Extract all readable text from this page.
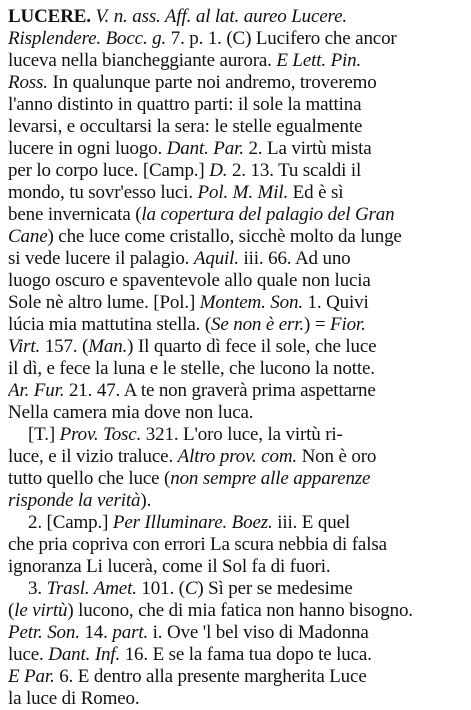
LUCERE. V. n. ass. Aff. al lat. aureo Lucere.
Risplendere. Bocc. g. 7. p. 1. (C) Lucifero che ancor
luceva nella biancheggiante aurora. E Lett. Pin.
Ross. In qualunque parte noi andremo, troveremo
l'anno distinto in quattro parti: il sole la mattina
levarsi, e occultarsi la sera: le stelle egualmente
lucere in ogni luogo. Dant. Par. 2. La virtù mista
per lo corpo luce. [Camp.] D. 2. 13. Tu scaldi il
mondo, tu sovr'esso luci. Pol. M. Mil. Ed è sì
bene invernicata (la copertura del palagio del Gran
Cane) che luce come cristallo, sicchè molto da lunge
si vede lucere il palagio. Aquil. iii. 66. Ad uno
luogo oscuro e spaventevole allo quale non lucia
Sole nè altro lume. [Pol.] Montem. Son. 1. Quivi
lúcia mia mattutina stella. (Se non è err.) = Fior.
Virt. 157. (Man.) Il quarto dì fece il sole, che luce
il dì, e fece la luna e le stelle, che lucono la notte.
Ar. Fur. 21. 47. A te non graverà prima aspettarne
Nella camera mia dove non luca.
[T.] Prov. Tosc. 321. L'oro luce, la virtù ri-
luce, e il vizio traluce. Altro prov. com. Non è oro
tutto quello che luce (non sempre alle apparenze
risponde la verità).
2. [Camp.] Per Illuminare. Boez. iii. E quel
che pria copriva con errori La scura nebbia di falsa
ignoranza Li lucerà, come il Sol fa di fuori.
3. Trasl. Amet. 101. (C) Sì per se medesime
(le virtù) lucono, che di mia fatica non hanno bisogno.
Petr. Son. 14. part. i. Ove 'l bel viso di Madonna
luce. Dant. Inf. 16. E se la fama tua dopo te luca.
E Par. 6. E dentro alla presente margherita Luce
la luce di Romeo.
